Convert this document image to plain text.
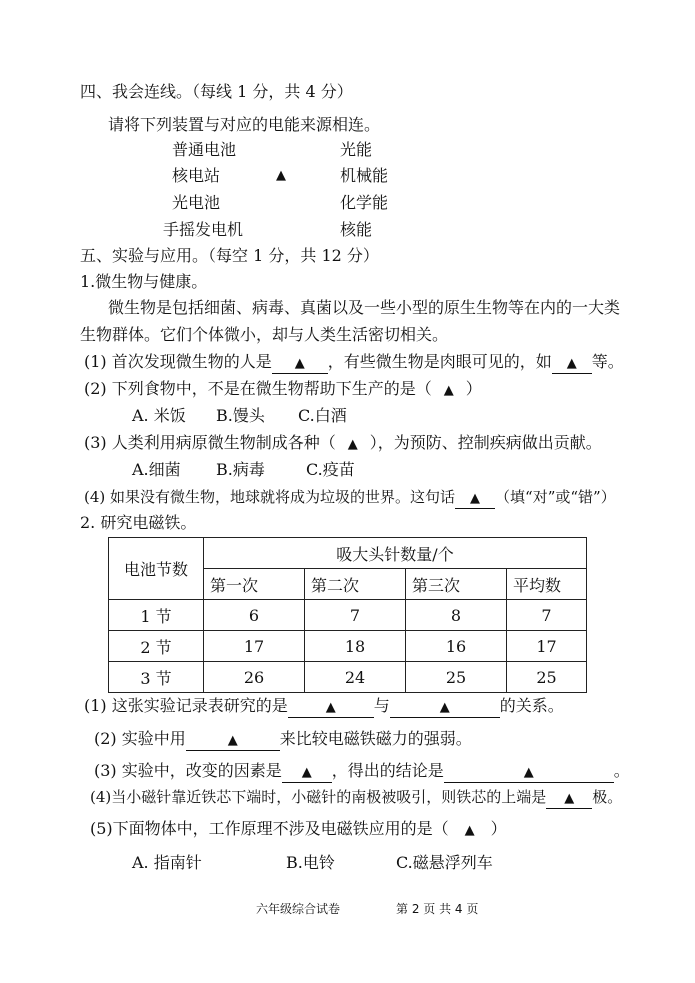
四、我会连线。（每线 1 分，共 4 分）
请将下列装置与对应的电能来源相连。
普通电池
核电站
光电池
手摇发电机
▲
光能
机械能
化学能
核能
五、实验与应用。（每空 1 分，共 12 分）
1.微生物与健康。
微生物是包括细菌、病毒、真菌以及一些小型的原生生物等在内的一大类
生物群体。它们个体微小，却与人类生活密切相关。
(1) 首次发现微生物的人是 ▲ ，有些微生物是肉眼可见的，如 ▲ 等。
(2) 下列食物中，不是在微生物帮助下生产的是（ ▲ ）
A. 米饭 B.馒头 C.白酒
(3) 人类利用病原微生物制成各种（ ▲ ），为预防、控制疾病做出贡献。
A.细菌 B.病毒	C.疫苗
(4) 如果没有微生物，地球就将成为垃圾的世界。这句话 ▲ （填“对”或“错”）
2. 研究电磁铁。
电池节数	吸大头针数量/个			
	第一次	第二次	第三次	平均数
1 节	6	7	8	7
2 节	17	18	16	17
3 节	26	24	25	25
(1) 这张实验记录表研究的是	▲ 与	▲	的关系。
(2) 实验中用	▲	来比较电磁铁磁力的强弱。
(3) 实验中，改变的因素是 ▲ ，得出的结论是	▲	。
(4)当小磁针靠近铁芯下端时，小磁针的南极被吸引，则铁芯的上端是 ▲ 极。
(5)下面物体中，工作原理不涉及电磁铁应用的是（ ▲ ）
A. 指南针	B.电铃	C.磁悬浮列车
六年级综合试卷	第 2 页 共 4 页
